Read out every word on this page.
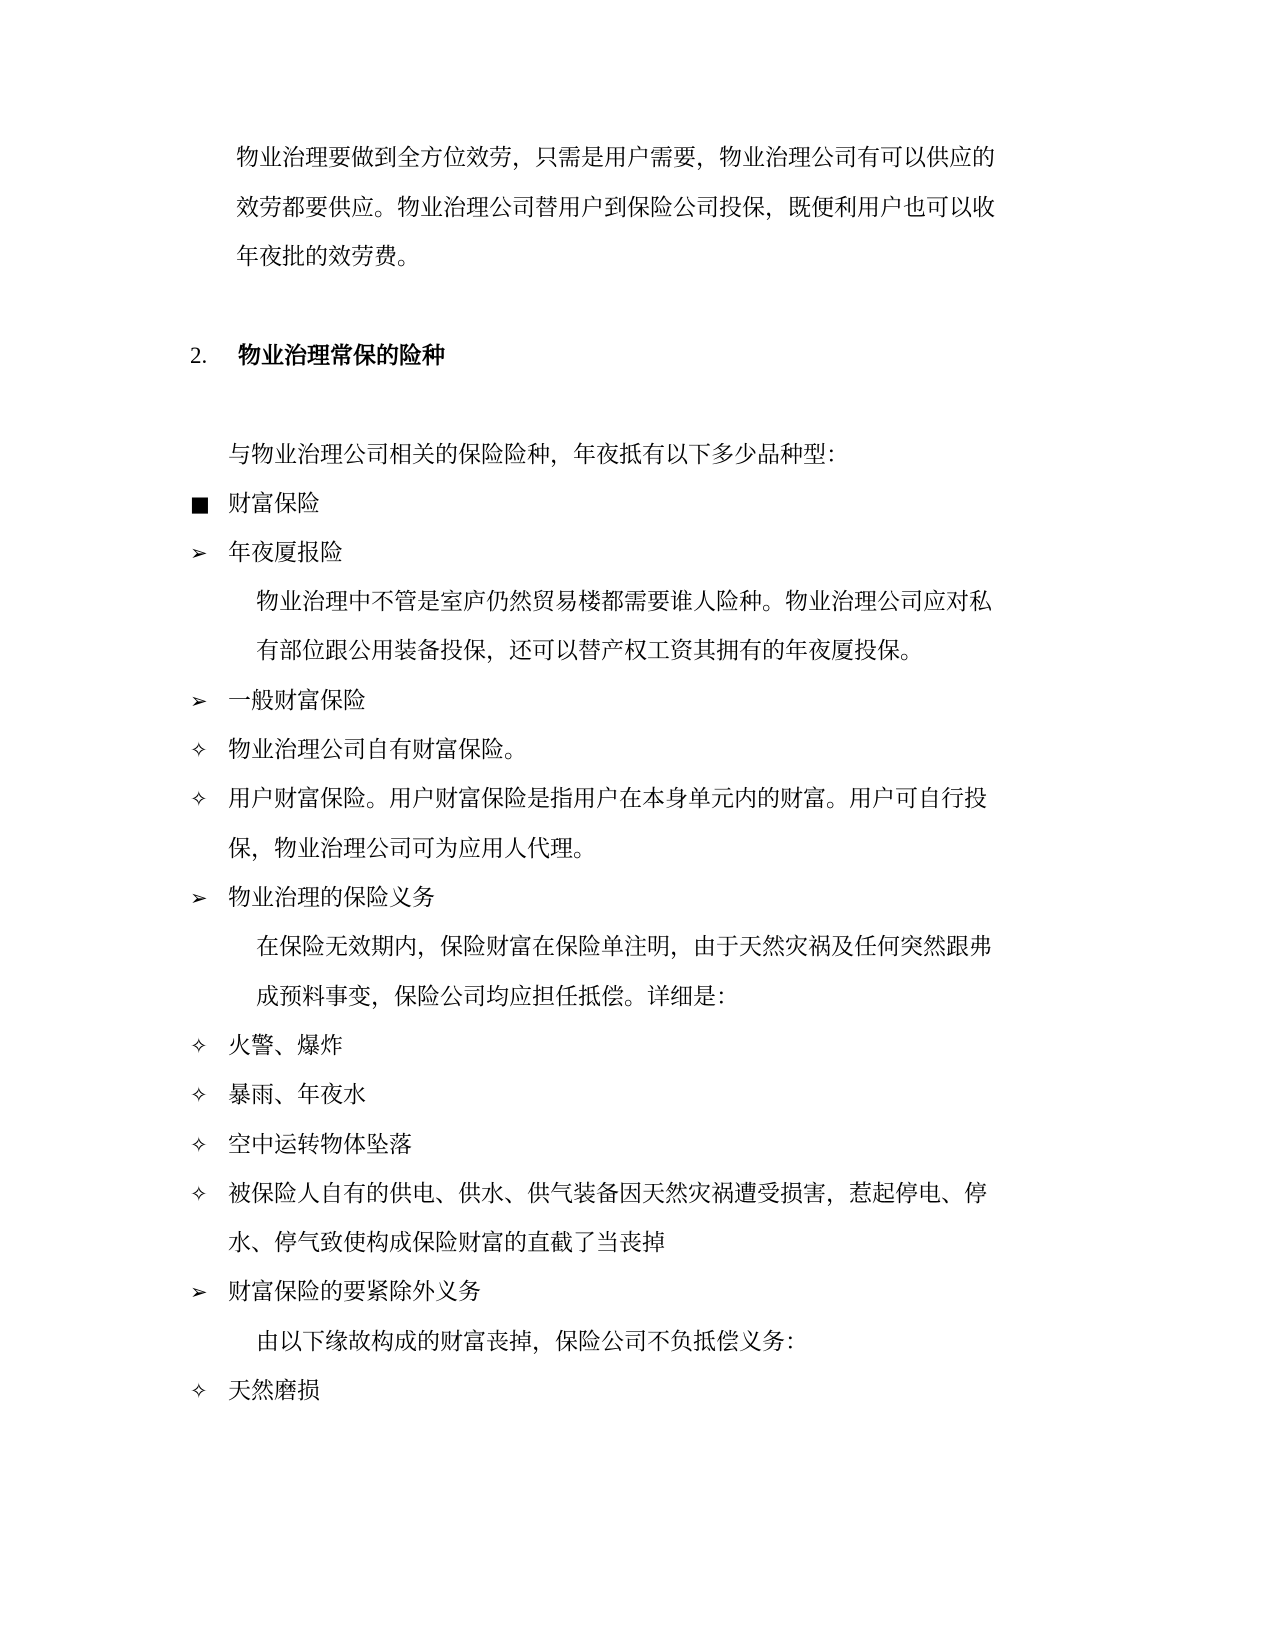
物业治理要做到全方位效劳，只需是用户需要，物业治理公司有可以供应的
效劳都要供应。物业治理公司替用户到保险公司投保，既便利用户也可以收
年夜批的效劳费。
2. 物业治理常保的险种
与物业治理公司相关的保险险种，年夜抵有以下多少品种型：
■ 财富保险
➢ 年夜厦报险
物业治理中不管是室庐仍然贸易楼都需要谁人险种。物业治理公司应对私
有部位跟公用装备投保，还可以替产权工资其拥有的年夜厦投保。
➢ 一般财富保险
✧ 物业治理公司自有财富保险。
✧ 用户财富保险。用户财富保险是指用户在本身单元内的财富。用户可自行投
保，物业治理公司可为应用人代理。
➢ 物业治理的保险义务
在保险无效期内，保险财富在保险单注明，由于天然灾祸及任何突然跟弗
成预料事变，保险公司均应担任抵偿。详细是：
✧ 火警、爆炸
✧ 暴雨、年夜水
✧ 空中运转物体坠落
✧ 被保险人自有的供电、供水、供气装备因天然灾祸遭受损害，惹起停电、停
水、停气致使构成保险财富的直截了当丧掉
➢ 财富保险的要紧除外义务
由以下缘故构成的财富丧掉，保险公司不负抵偿义务：
✧ 天然磨损
